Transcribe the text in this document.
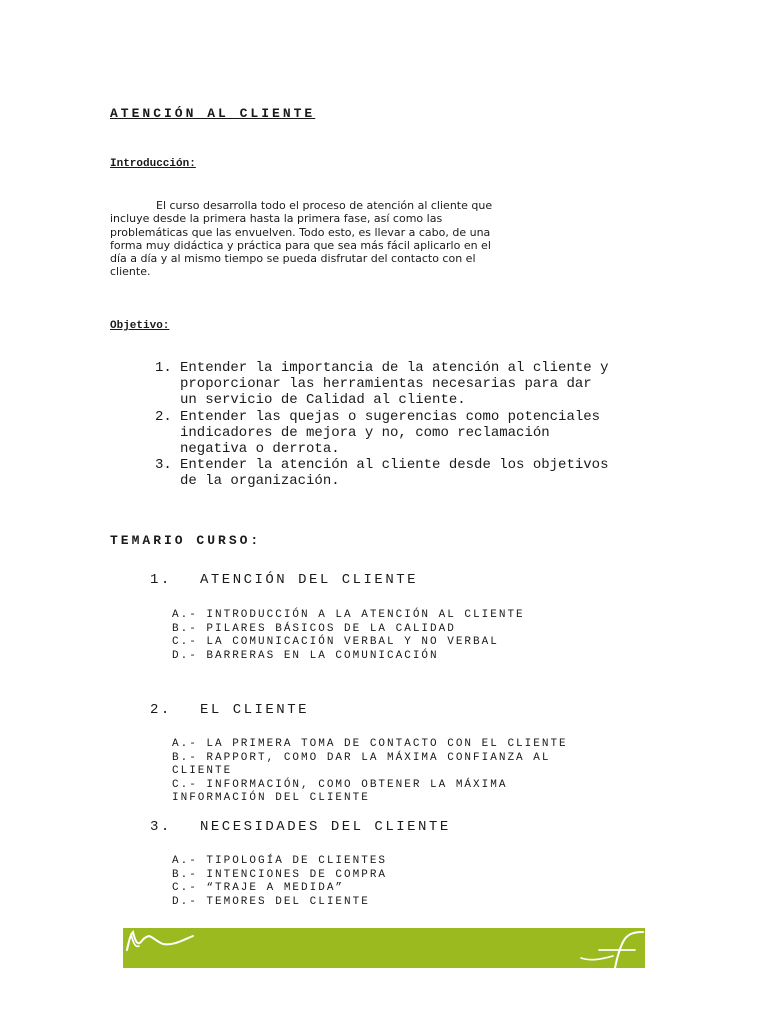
ATENCIÓN AL CLIENTE
Introducción:
El curso desarrolla todo el proceso de atención al cliente que
incluye desde la primera hasta la primera fase, así como las
problemáticas que las envuelven. Todo esto, es llevar a cabo, de una
forma muy didáctica y práctica para que sea más fácil aplicarlo en el
día a día y al mismo tiempo se pueda disfrutar del contacto con el
cliente.
Objetivo:
1. Entender la importancia de la atención al cliente y
proporcionar las herramientas necesarias para dar
un servicio de Calidad al cliente.
2. Entender las quejas o sugerencias como potenciales
indicadores de mejora y no, como reclamación
negativa o derrota.
3. Entender la atención al cliente desde los objetivos
de la organización.
TEMARIO CURSO:
1. ATENCIÓN DEL CLIENTE
A.- INTRODUCCIÓN A LA ATENCIÓN AL CLIENTE
B.- PILARES BÁSICOS DE LA CALIDAD
C.- LA COMUNICACIÓN VERBAL Y NO VERBAL
D.- BARRERAS EN LA COMUNICACIÓN
2. EL CLIENTE
A.- LA PRIMERA TOMA DE CONTACTO CON EL CLIENTE
B.- RAPPORT, COMO DAR LA MÁXIMA CONFIANZA AL
CLIENTE
C.- INFORMACIÓN, COMO OBTENER LA MÁXIMA
INFORMACIÓN DEL CLIENTE
3. NECESIDADES DEL CLIENTE
A.- TIPOLOGÍA DE CLIENTES
B.- INTENCIONES DE COMPRA
C.- “TRAJE A MEDIDA”
D.- TEMORES DEL CLIENTE
